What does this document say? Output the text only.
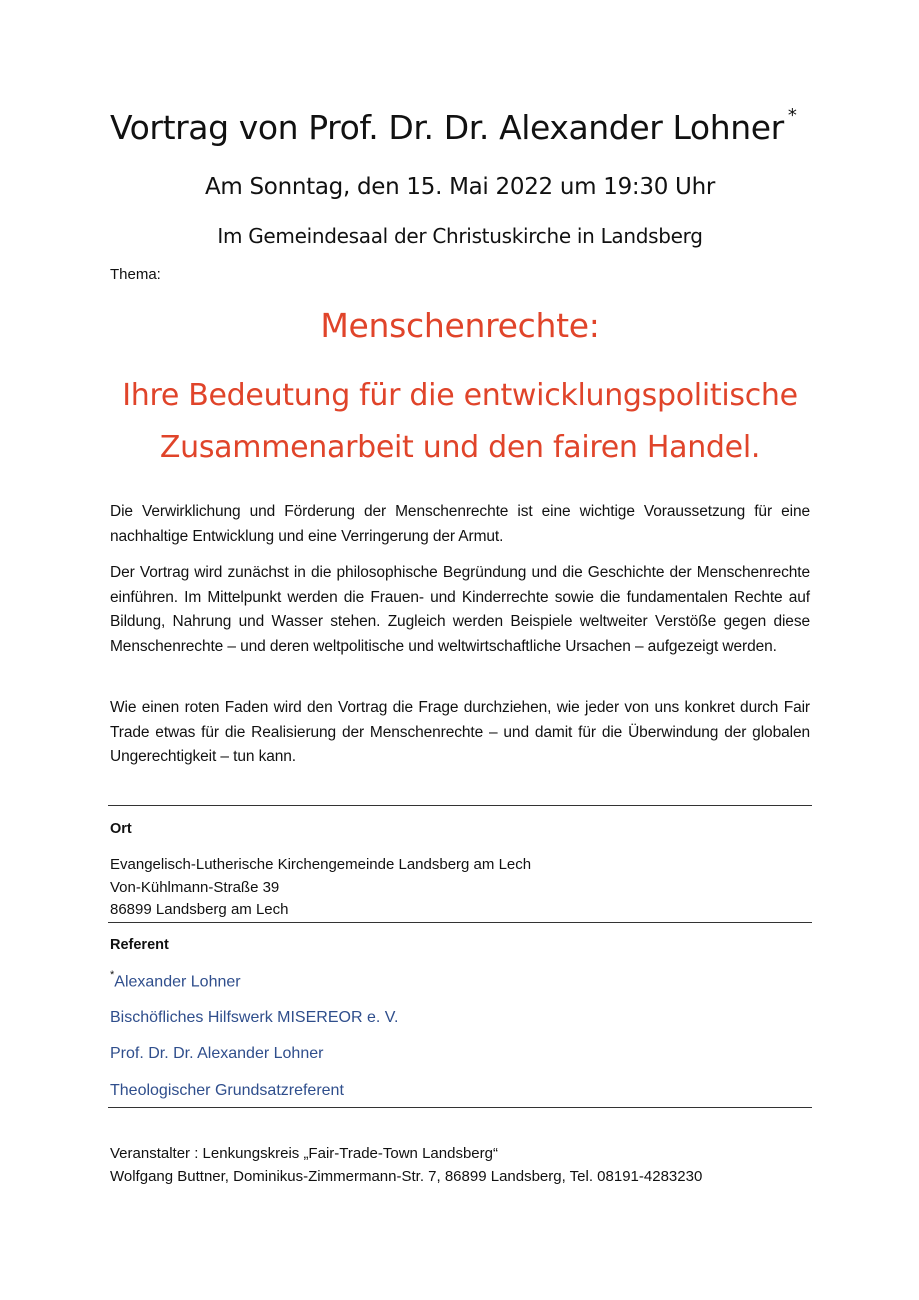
Vortrag von Prof. Dr. Dr. Alexander Lohner *
Am Sonntag, den 15. Mai 2022 um 19:30 Uhr
Im Gemeindesaal der Christuskirche in Landsberg
Thema:
Menschenrechte:
Ihre Bedeutung für die entwicklungspolitische
Zusammenarbeit und den fairen Handel.
Die Verwirklichung und Förderung der Menschenrechte ist eine wichtige Voraussetzung für eine nachhaltige Entwicklung und eine Verringerung der Armut.
Der Vortrag wird zunächst in die philosophische Begründung und die Geschichte der Menschenrechte einführen. Im Mittelpunkt werden die Frauen- und Kinderrechte sowie die fundamentalen Rechte auf Bildung, Nahrung und Wasser stehen. Zugleich werden Beispiele weltweiter Verstöße gegen diese Menschenrechte – und deren weltpolitische und weltwirtschaftliche Ursachen – aufgezeigt werden.
Wie einen roten Faden wird den Vortrag die Frage durchziehen, wie jeder von uns konkret durch Fair Trade etwas für die Realisierung der Menschenrechte – und damit für die Überwindung der globalen Ungerechtigkeit – tun kann.
Ort
Evangelisch-Lutherische Kirchengemeinde Landsberg am Lech
Von-Kühlmann-Straße 39
86899 Landsberg am Lech
Referent
*Alexander Lohner
Bischöfliches Hilfswerk MISEREOR e. V.
Prof. Dr. Dr. Alexander Lohner
Theologischer Grundsatzreferent
Veranstalter : Lenkungskreis „Fair-Trade-Town Landsberg“
Wolfgang Buttner, Dominikus-Zimmermann-Str. 7, 86899 Landsberg, Tel. 08191-4283230
